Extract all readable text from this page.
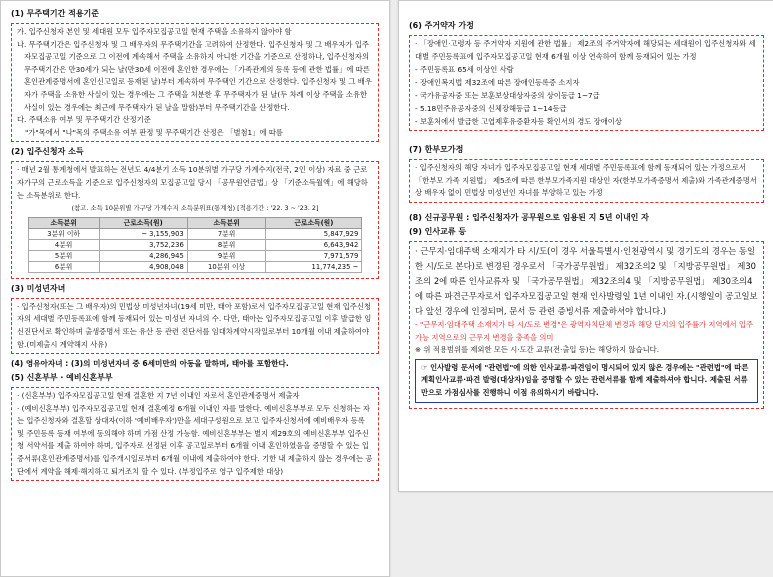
(1) 무주택기간 적용기준

가. 입주신청자 본인 및 세대원 모두 입주자모집공고일 현재 주택을 소유하지 않아야 함

나. 무주택기간은 입주신청자 및 그 배우자의 무주택기간을 고려하여 산정한다. 입주신청자 및 그 배우자가 입주자모집공고일 기준으로 그 이전에 계속해서 주택을 소유하지 아니한 기간을 기준으로 산정하나, 입주신청자의 무주택기간은 만30세가 되는 날(만30세 이전에 혼인한 경우에는 「가족관계의 등록 등에 관한 법률」에 따른 혼인관계증명서에 혼인신고일로 등재된 날)부터 계속하여 무주택인 기간으로 산정한다. 입주신청자 및 그 배우자가 주택을 소유한 사실이 있는 경우에는 그 주택을 처분한 후 무주택자가 된 날(두 차례 이상 주택을 소유한 사실이 있는 경우에는 최근에 무주택자가 된 날을 말함)부터 무주택기간을 산정한다.

다. 주택소유 여부 및 무주택기간 산정기준

"가"목에서 "나"목의 주택소유 여부 판정 및 무주택기간 산정은 「별첨1」에 따름

(2) 입주신청자 소득

· 매년 2월 통계청에서 발표하는 전년도 4/4분기 소득 10분위별 가구당 가계수지(전국, 2인 이상) 자료 중 근로자가구의 근로소득을 기준으로 입주신청자의 모집공고일 당시 「공무원연금법」상 「기준소득월액」에 해당하는 소득분위로 한다.

(참고. 소득 10분위별 가구당 가계수지 소득분위표(통계청) [적용기간 : '22. 3 ~ '23. 2]

소득분위	근로소득(원)	소득분위	근로소득(원)
3분위 이하	~ 3,155,903	7분위	5,847,929
4분위	3,752,236	8분위	6,643,942
5분위	4,286,945	9분위	7,971,579
6분위	4,908,048	10분위 이상	11,774,235 ~

(3) 미성년자녀

· 입주신청자(또는 그 배우자)의 민법상 미성년자녀(19세 미만, 태아 포함)로서 입주자모집공고일 현재 입주신청자의 세대별 주민등록표에 함께 등재되어 있는 미성년 자녀의 수. 다만, 태아는 입주자모집공고일 이후 발급한 임신진단서로 확인하며 출생증명서 또는 유산 등 관련 진단서를 임대차계약시작일로부터 10개월 이내 제출하여야 함.(미제출시 계약해지 사유)

(4) 영유아자녀 : (3)의 미성년자녀 중 6세미만의 아동을 말하며, 태아를 포함한다.

(5) 신혼부부 · 예비신혼부부

· (신혼부부) 입주자모집공고일 현재 결혼한 지 7년 이내인 자로서 혼인관계증명서 제출자

· (예비신혼부부) 입주자모집공고일 현재 결혼예정 6개월 이내인 자를 말한다. 예비신혼부부로 모두 신청하는 자는 입주신청자와 결혼할 상대자(이하 '예비배우자')만을 세대구성원으로 보고 입주자신청서에 예비배우자 등록 및 주민등록 등재 여부에 동의해야 하며 가점 산정 가능함. 예비신혼부부는 별지 제29호의 예비신혼부부 입주신청 서약서를 제출 하여야 하며, 입주자로 선정된 이후 공고일로부터 6개월 이내 혼인하였음을 증명할 수 있는 입증서류(혼인관계증명서)를 입주개시일로부터 6개월 이내에 제출하여야 한다. 기한 내 제출하지 않는 경우에는 공단에서 계약을 해제·해지하고 퇴거조치 할 수 있다. (부정입주로 영구 입주제한 대상)

(6) 주거약자 가정

· 「장애인·고령자 등 주거약자 지원에 관한 법률」 제2조의 주거약자에 해당되는 세대원이 입주신청자와 세대별 주민등록표에 입주자모집공고일 현재 6개월 이상 연속하여 함께 등재되어 있는 가정

- 주민등록표 65세 이상인 사람
- 장애인복지법 제32조에 따른 장애인등록증 소지자
- 국가유공자중 또는 보훈보상대상자중의 상이등급 1~7급
- 5.18민주유공자중의 신체장해등급 1~14등급
- 보훈처에서 발급한 고엽제후유증환자등 확인서의 경도 장애이상

(7) 한부모가정

· 입주신청자의 해당 자녀가 입주자모집공고일 현재 세대별 주민등록표에 함께 등재되어 있는 가정으로서 「한부모 가족 지원법」 제5조에 따른 한부모가족지원 대상인 자(한부모가족증명서 제출)와 가족관계증명서상 배우자 없이 민법상 미성년인 자녀를 부양하고 있는 가정

(8) 신규공무원 : 입주신청자가 공무원으로 임용된 지 5년 이내인 자

(9) 인사교류 등

· 근무지·임대주택 소재지가 타 시/도(이 경우 서울특별시·인천광역시 및 경기도의 경우는 동일한 시/도로 본다)로 변경된 경우로서 「국가공무원법」 제32조의2 및 「지방공무원법」 제30조의 2에 따른 인사교류자 및 「국가공무원법」 제32조의4 및 「지방공무원법」 제30조의4에 따른 파견근무자로서 입주자모집공고일 현재 인사발령일 1년 이내인 자.(시행일이 공고일보다 앞선 경우에 인정되며, 문서 등 관련 증빙서류 제출하셔야 합니다.)

- "근무지·임대주택 소재지가 타 시/도로 변경"은 광역자치단체 변경과 해당 단지의 입주률가 지역에서 입주가능 지역으로의 근무지 변경을 충족을 의미

※ 위 적용범위를 제외한 모든 시·도간 교류(전·출입 등)는 해당하지 않습니다.

☞ 인사발령 문서에 "관련법"에 의한 인사교류·파견임이 명시되어 있지 않은 경우에는 "관련법"에 따른 계획인사교류·파견 발령(대상자)임을 증명할 수 있는 관련서류를 함께 제출하셔야 합니다. 제출된 서류만으로 가점심사를 진행하니 이점 유의하시기 바랍니다.
